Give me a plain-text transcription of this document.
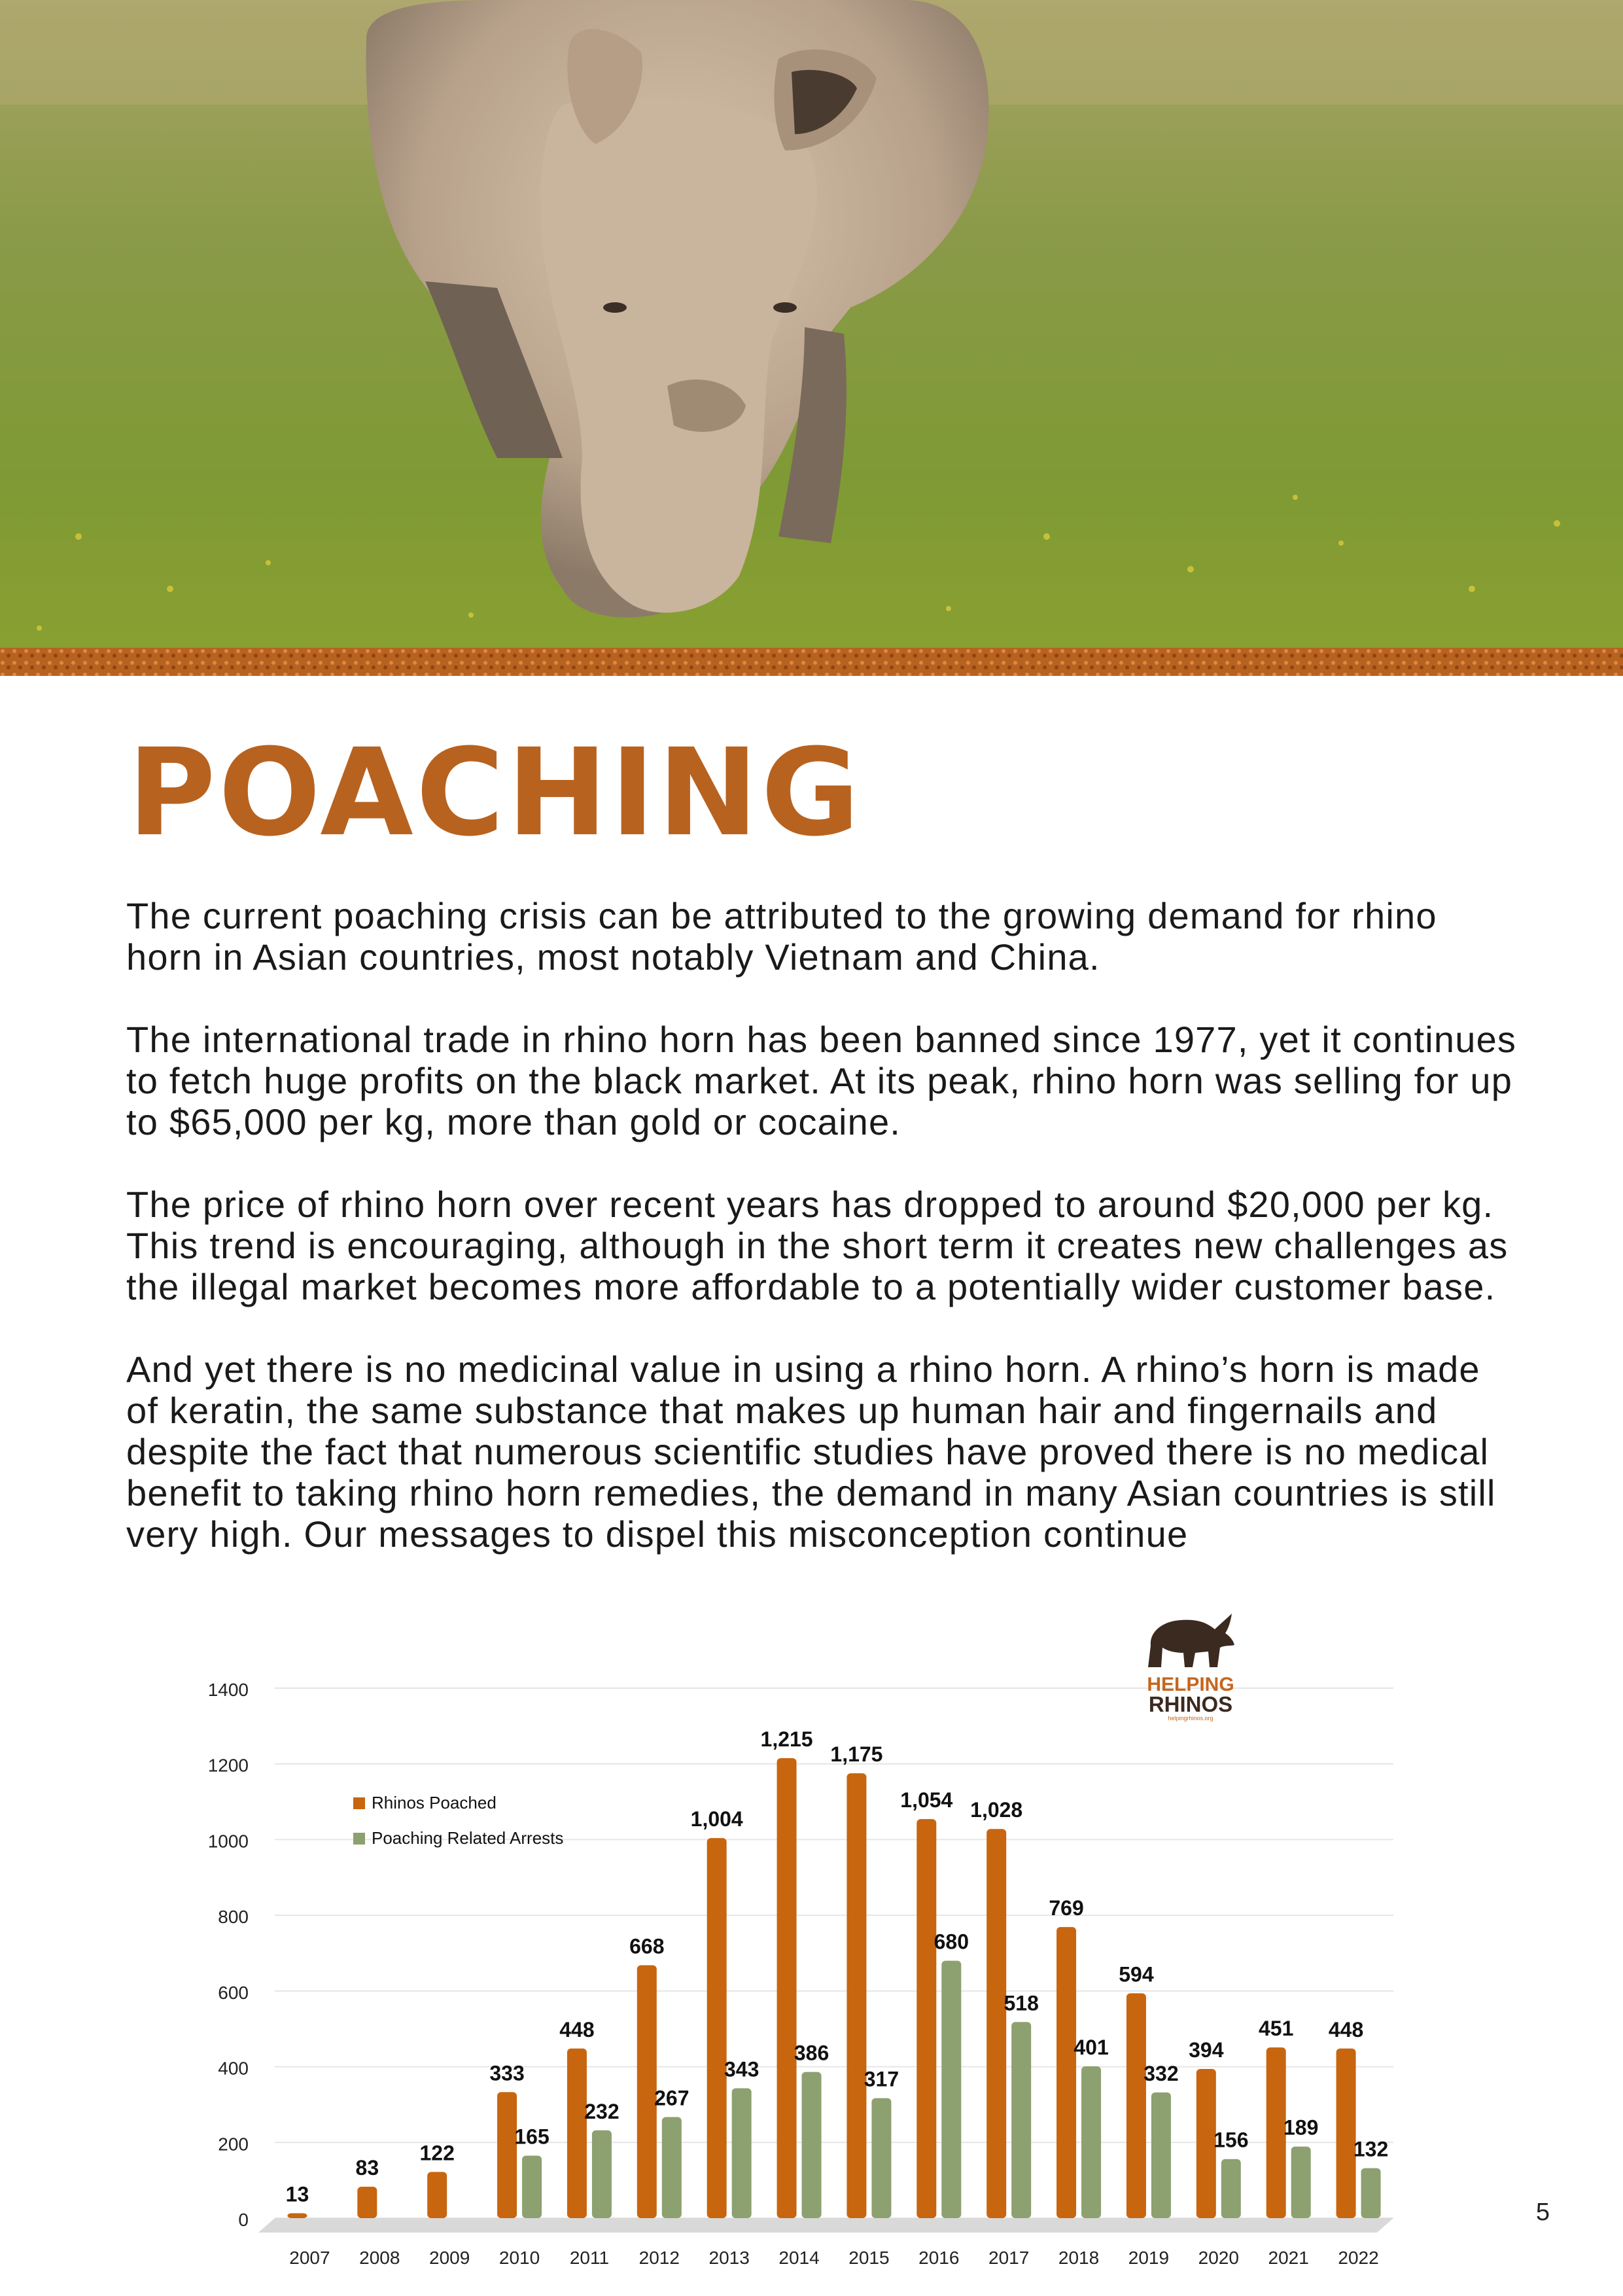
POACHING

The current poaching crisis can be attributed to the growing demand for rhino horn in Asian countries, most notably Vietnam and China.

The international trade in rhino horn has been banned since 1977, yet it continues to fetch huge profits on the black market. At its peak, rhino horn was selling for up to $65,000 per kg, more than gold or cocaine.

The price of rhino horn over recent years has dropped to around $20,000 per kg. This trend is encouraging, although in the short term it creates new challenges as the illegal market becomes more affordable to a potentially wider customer base.

And yet there is no medicinal value in using a rhino horn. A rhino’s horn is made of keratin, the same substance that makes up human hair and fingernails and despite the fact that numerous scientific studies have proved there is no medical benefit to taking rhino horn remedies, the demand in many Asian countries is still very high. Our messages to dispel this misconception continue

0
200
400
600
800
1000
1200
1400
13
2007
83
2008
122
2009
333
165
2010
448
232
2011
668
267
2012
1,004
343
2013
1,215
386
2014
1,175
317
2015
1,054
680
2016
1,028
518
2017
769
401
2018
594
332
2019
394
156
2020
451
189
2021
448
132
2022
Rhinos Poached
Poaching Related Arrests
HELPING
RHINOS
helpingrhinos.org
5
